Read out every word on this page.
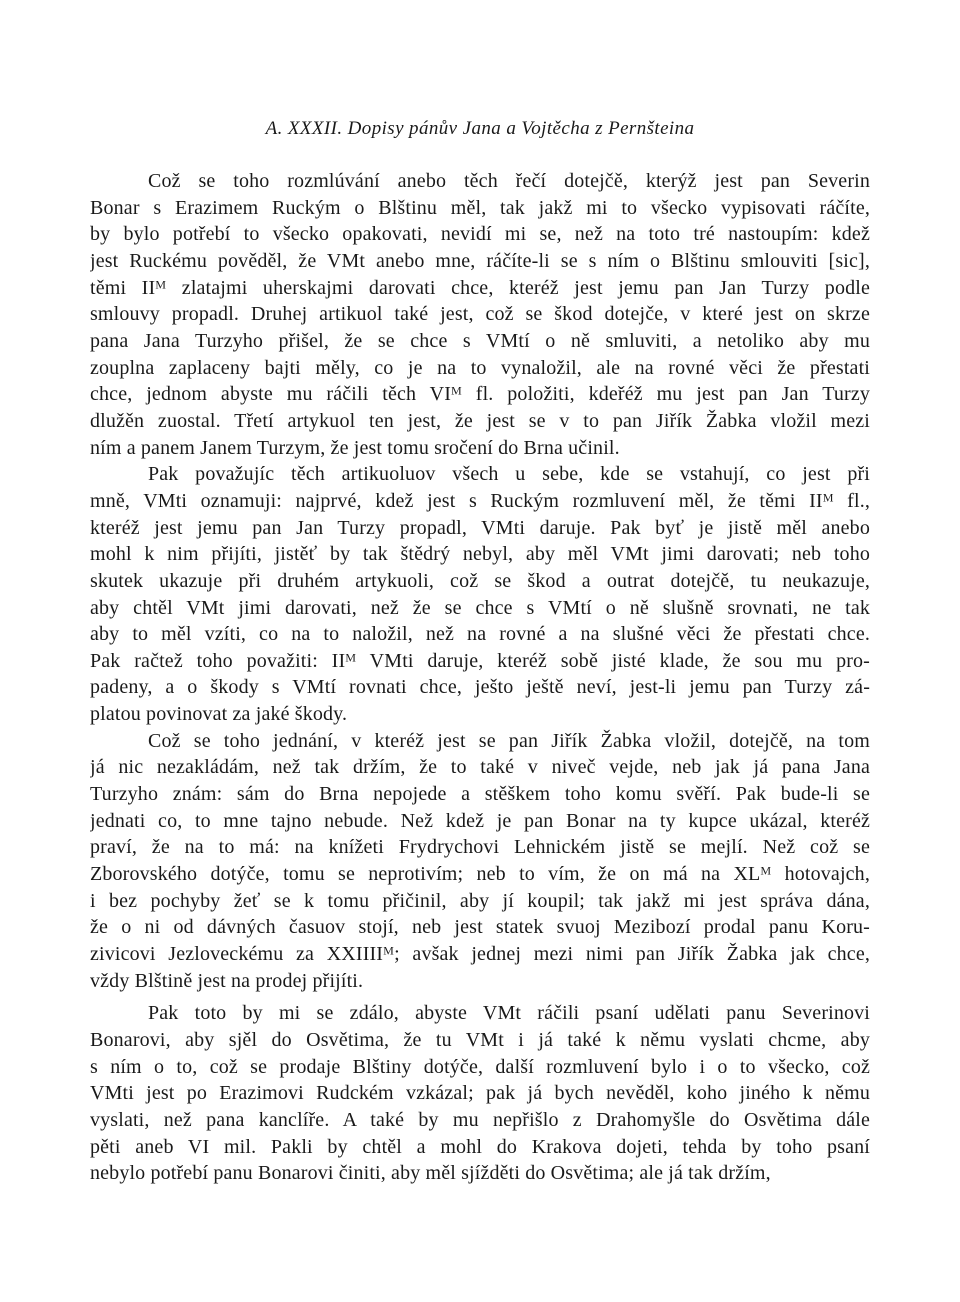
A. XXXII. Dopisy pánův Jana a Vojtěcha z Pernšteina
Což se toho rozmlúvání anebo těch řečí dotejčě, kterýž jest pan Severin
Bonar s Erazimem Ruckým o Blštinu měl, tak jakž mi to všecko vypisovati ráčíte,
by bylo potřebí to všecko opakovati, nevidí mi se, než na toto tré nastoupím: kdež
jest Ruckému pověděl, že VMt anebo mne, ráčíte-li se s ním o Blštinu smlouviti [sic],
těmi IIᴹ zlatajmi uherskajmi darovati chce, kteréž jest jemu pan Jan Turzy podle
smlouvy propadl. Druhej artikuol také jest, což se škod dotejče, v které jest on skrze
pana Jana Turzyho přišel, že se chce s VMtí o ně smluviti, a netoliko aby mu
zouplna zaplaceny bajti měly, co je na to vynaložil, ale na rovné věci že přestati
chce, jednom abyste mu ráčili těch VIᴹ fl. položiti, kdeřéž mu jest pan Jan Turzy
dlužěn zuostal. Třetí artykuol ten jest, že jest se v to pan Jiřík Žabka vložil mezi
ním a panem Janem Turzym, že jest tomu sročení do Brna učinil.
Pak považujíc těch artikuoluov všech u sebe, kde se vstahují, co jest při
mně, VMti oznamuji: najprvé, kdež jest s Ruckým rozmluvení měl, že těmi IIᴹ fl.,
kteréž jest jemu pan Jan Turzy propadl, VMti daruje. Pak byť je jistě měl anebo
mohl k nim přijíti, jistěť by tak štědrý nebyl, aby měl VMt jimi darovati; neb toho
skutek ukazuje při druhém artykuoli, což se škod a outrat dotejčě, tu neukazuje,
aby chtěl VMt jimi darovati, než že se chce s VMtí o ně slušně srovnati, ne tak
aby to měl vzíti, co na to naložil, než na rovné a na slušné věci že přestati chce.
Pak račtež toho považiti: IIᴹ VMti daruje, kteréž sobě jisté klade, že sou mu pro-
padeny, a o škody s VMtí rovnati chce, ješto ještě neví, jest-li jemu pan Turzy zá-
platou povinovat za jaké škody.
Což se toho jednání, v kteréž jest se pan Jiřík Žabka vložil, dotejčě, na tom
já nic nezakládám, než tak držím, že to také v niveč vejde, neb jak já pana Jana
Turzyho znám: sám do Brna nepojede a stěškem toho komu svěří. Pak bude-li se
jednati co, to mne tajno nebude. Než kdež je pan Bonar na ty kupce ukázal, kteréž
praví, že na to má: na knížeti Frydrychovi Lehnickém jistě se mejlí. Než což se
Zborovského dotýče, tomu se neprotivím; neb to vím, že on má na XLᴹ hotovajch,
i bez pochyby žeť se k tomu přičinil, aby jí koupil; tak jakž mi jest správa dána,
že o ni od dávných časuov stojí, neb jest statek svuoj Mezibozí prodal panu Koru-
zivicovi Jezloveckému za XXIIIIᴹ; avšak jednej mezi nimi pan Jiřík Žabka jak chce,
vždy Blštině jest na prodej přijíti.
Pak toto by mi se zdálo, abyste VMt ráčili psaní udělati panu Severinovi
Bonarovi, aby sjěl do Osvětima, že tu VMt i já také k němu vyslati chcme, aby
s ním o to, což se prodaje Blštiny dotýče, další rozmluvení bylo i o to všecko, což
VMti jest po Erazimovi Rudckém vzkázal; pak já bych nevěděl, koho jiného k němu
vyslati, než pana kanclíře. A také by mu nepřišlo z Drahomyšle do Osvětima dále
pěti aneb VI mil. Pakli by chtěl a mohl do Krakova dojeti, tehda by toho psaní
nebylo potřebí panu Bonarovi činiti, aby měl sjížděti do Osvětima; ale já tak držím,
